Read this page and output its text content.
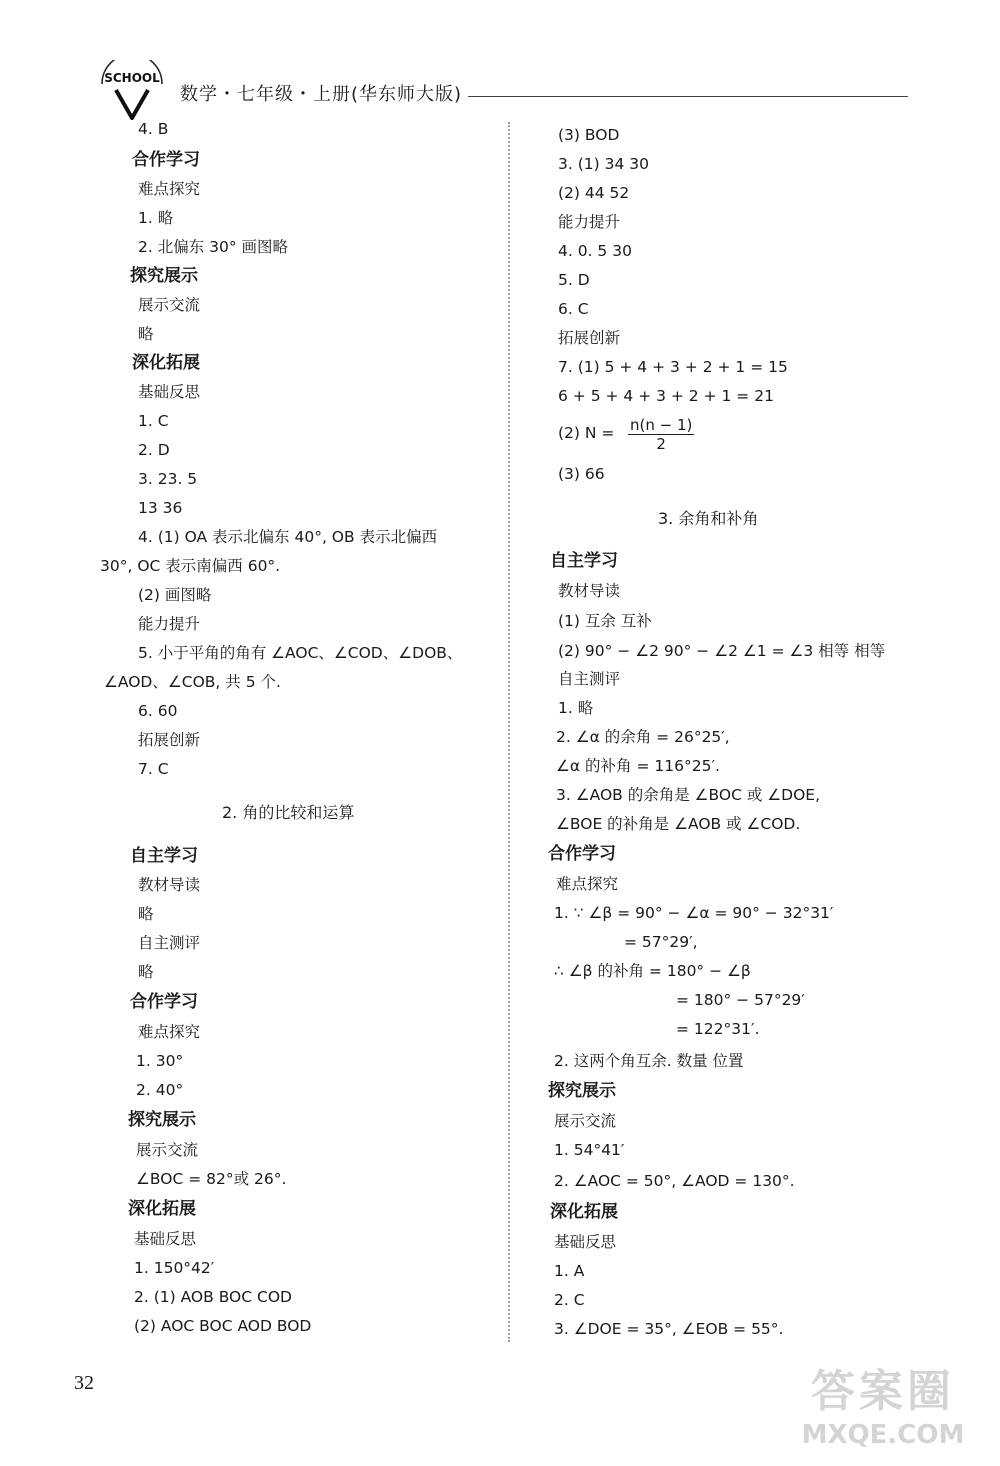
SCHOOL
数学・七年级・上册(华东师大版)
4. B
合作学习
难点探究
1. 略
2. 北偏东 30° 画图略
探究展示
展示交流
略
深化拓展
基础反思
1. C
2. D
3. 23. 5
13 36
4. (1) OA 表示北偏东 40°, OB 表示北偏西
30°, OC 表示南偏西 60°.
(2) 画图略
能力提升
5. 小于平角的角有 ∠AOC、∠COD、∠DOB、
∠AOD、∠COB, 共 5 个.
6. 60
拓展创新
7. C
2. 角的比较和运算
自主学习
教材导读
略
自主测评
略
合作学习
难点探究
1. 30°
2. 40°
探究展示
展示交流
∠BOC = 82°或 26°.
深化拓展
基础反思
1. 150°42′
2. (1) AOB BOC COD
(2) AOC BOC AOD BOD
(3) BOD
3. (1) 34 30
(2) 44 52
能力提升
4. 0. 5 30
5. D
6. C
拓展创新
7. (1) 5 + 4 + 3 + 2 + 1 = 15
6 + 5 + 4 + 3 + 2 + 1 = 21
(2) $N = \frac{n(n - 1)}{2}$
(3) 66
3. 余角和补角
自主学习
教材导读
(1) 互余 互补
(2) 90° − ∠2 90° − ∠2 ∠1 = ∠3 相等 相等
自主测评
1. 略
2. ∠α 的余角 = 26°25′,
∠α 的补角 = 116°25′.
3. ∠AOB 的余角是 ∠BOC 或 ∠DOE,
∠BOE 的补角是 ∠AOB 或 ∠COD.
合作学习
难点探究
1. ∵ ∠β = 90° − ∠α = 90° − 32°31′
= 57°29′,
∴ ∠β 的补角 = 180° − ∠β
= 180° − 57°29′
= 122°31′.
2. 这两个角互余. 数量 位置
探究展示
展示交流
1. 54°41′
2. ∠AOC = 50°, ∠AOD = 130°.
深化拓展
基础反思
1. A
2. C
3. ∠DOE = 35°, ∠EOB = 55°.
32	答案圈
MXQE.COM
